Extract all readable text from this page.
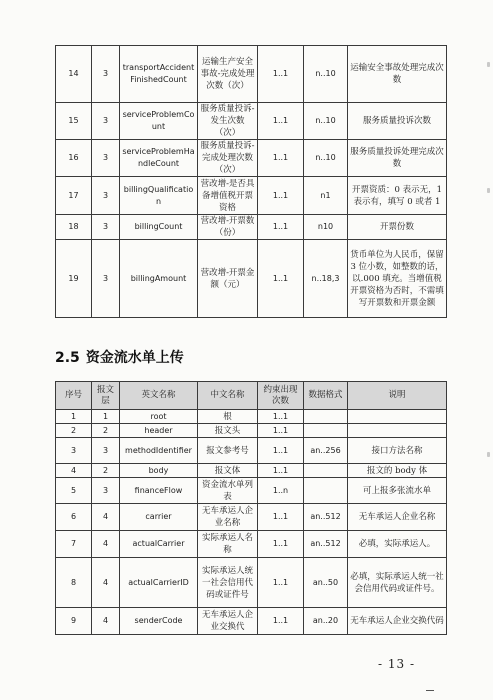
14	3	transportAccidentFinishedCount	运输生产安全事故-完成处理次数（次）	1..1	n..10	运输安全事故处理完成次数
15	3	serviceProblemCount	服务质量投诉-发生次数（次）	1..1	n..10	服务质量投诉次数
16	3	serviceProblemHandleCount	服务质量投诉-完成处理次数（次）	1..1	n..10	服务质量投诉处理完成次数
17	3	billingQualification	营改增-是否具备增值税开票资格	1..1	n1	开票资质：0 表示无，1 表示有，填写 0 或者 1
18	3	billingCount	营改增-开票数（份）	1..1	n10	开票份数
19	3	billingAmount	营改增-开票金额（元）	1..1	n..18,3	货币单位为人民币，保留 3 位小数，如整数的话，以.000 填充。当增值税开票资格为否时，不需填写开票数和开票金额
2.5 资金流水单上传
序号	报文层	英文名称	中文名称	约束出现次数	数据格式	说明
1	1	root	根	1..1		
2	2	header	报文头	1..1		
3	3	methodIdentifier	报文参考号	1..1	an..256	接口方法名称
4	2	body	报文体	1..1		报文的 body 体
5	3	financeFlow	资金流水单列表	1..n		可上报多张流水单
6	4	carrier	无车承运人企业名称	1..1	an..512	无车承运人企业名称
7	4	actualCarrier	实际承运人名称	1..1	an..512	必填，实际承运人。
8	4	actualCarrierID	实际承运人统一社会信用代码或证件号	1..1	an..50	必填，实际承运人统一社会信用代码或证件号。
9	4	senderCode	无车承运人企业交换代	1..1	an..20	无车承运人企业交换代码
- 13 -
